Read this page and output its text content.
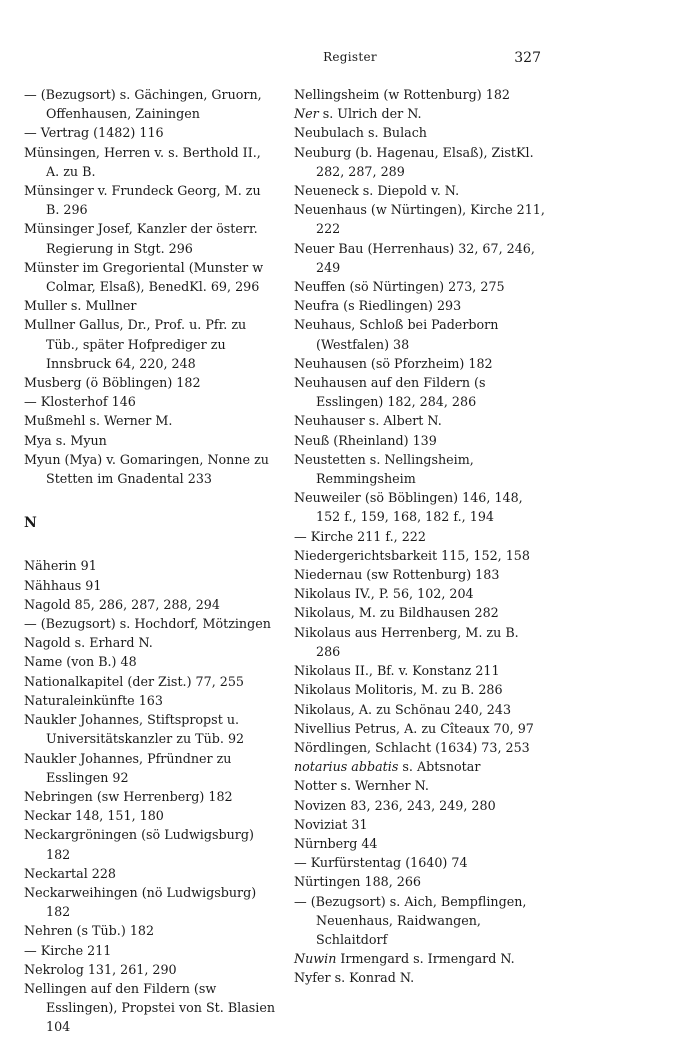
Register	327
— (Bezugsort) s. Gächingen, Gruorn, Offenhausen, Zainingen
— Vertrag (1482) 116
Münsingen, Herren v. s. Berthold II., A. zu B.
Münsinger v. Frundeck Georg, M. zu B. 296
Münsinger Josef, Kanzler der österr. Regierung in Stgt. 296
Münster im Gregoriental (Munster w Colmar, Elsaß), BenedKl. 69, 296
Muller s. Mullner
Mullner Gallus, Dr., Prof. u. Pfr. zu Tüb., später Hofprediger zu Innsbruck 64, 220, 248
Musberg (ö Böblingen) 182
— Klosterhof 146
Mußmehl s. Werner M.
Mya s. Myun
Myun (Mya) v. Gomaringen, Nonne zu Stetten im Gnadental 233
N
Näherin 91
Nähhaus 91
Nagold 85, 286, 287, 288, 294
— (Bezugsort) s. Hochdorf, Mötzingen
Nagold s. Erhard N.
Name (von B.) 48
Nationalkapitel (der Zist.) 77, 255
Naturaleinkünfte 163
Naukler Johannes, Stiftspropst u. Universitätskanzler zu Tüb. 92
Naukler Johannes, Pfründner zu Esslingen 92
Nebringen (sw Herrenberg) 182
Neckar 148, 151, 180
Neckargröningen (sö Ludwigsburg) 182
Neckartal 228
Neckarweihingen (nö Ludwigsburg) 182
Nehren (s Tüb.) 182
— Kirche 211
Nekrolog 131, 261, 290
Nellingen auf den Fildern (sw Esslingen), Propstei von St. Blasien 104
Nellingsheim (w Rottenburg) 182
Ner s. Ulrich der N.
Neubulach s. Bulach
Neuburg (b. Hagenau, Elsaß), ZistKl. 282, 287, 289
Neueneck s. Diepold v. N.
Neuenhaus (w Nürtingen), Kirche 211, 222
Neuer Bau (Herrenhaus) 32, 67, 246, 249
Neuffen (sö Nürtingen) 273, 275
Neufra (s Riedlingen) 293
Neuhaus, Schloß bei Paderborn (Westfalen) 38
Neuhausen (sö Pforzheim) 182
Neuhausen auf den Fildern (s Esslingen) 182, 284, 286
Neuhauser s. Albert N.
Neuß (Rheinland) 139
Neustetten s. Nellingsheim, Remmingsheim
Neuweiler (sö Böblingen) 146, 148, 152 f., 159, 168, 182 f., 194
— Kirche 211 f., 222
Niedergerichtsbarkeit 115, 152, 158
Niedernau (sw Rottenburg) 183
Nikolaus IV., P. 56, 102, 204
Nikolaus, M. zu Bildhausen 282
Nikolaus aus Herrenberg, M. zu B. 286
Nikolaus II., Bf. v. Konstanz 211
Nikolaus Molitoris, M. zu B. 286
Nikolaus, A. zu Schönau 240, 243
Nivellius Petrus, A. zu Cîteaux 70, 97
Nördlingen, Schlacht (1634) 73, 253
notarius abbatis s. Abtsnotar
Notter s. Wernher N.
Novizen 83, 236, 243, 249, 280
Noviziat 31
Nürnberg 44
— Kurfürstentag (1640) 74
Nürtingen 188, 266
— (Bezugsort) s. Aich, Bempflingen, Neuenhaus, Raidwangen, Schlaitdorf
Nuwin Irmengard s. Irmengard N.
Nyfer s. Konrad N.
